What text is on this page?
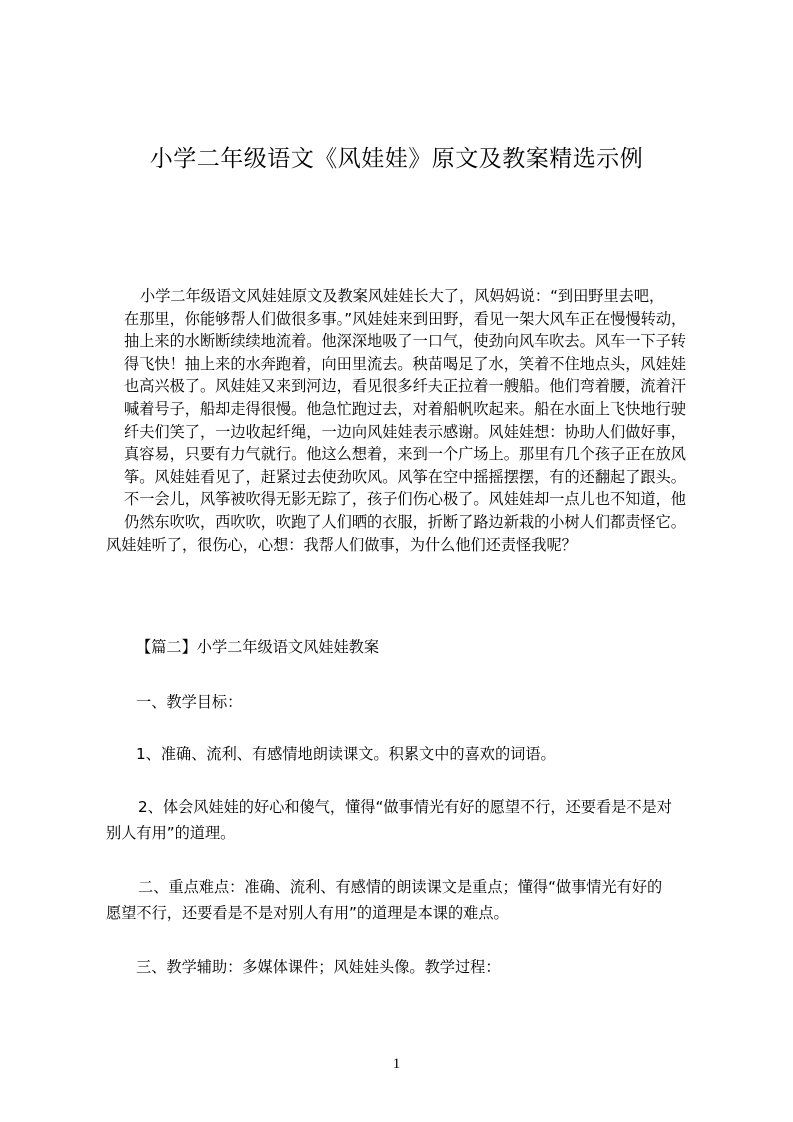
小学二年级语文《风娃娃》原文及教案精选示例
小学二年级语文风娃娃原文及教案风娃娃长大了，风妈妈说：“到田野里去吧，
在那里，你能够帮人们做很多事。”风娃娃来到田野，看见一架大风车正在慢慢转动，
抽上来的水断断续续地流着。他深深地吸了一口气，使劲向风车吹去。风车一下子转
得飞快！抽上来的水奔跑着，向田里流去。秧苗喝足了水，笑着不住地点头，风娃娃
也高兴极了。风娃娃又来到河边，看见很多纤夫正拉着一艘船。他们弯着腰，流着汗
喊着号子，船却走得很慢。他急忙跑过去，对着船帆吹起来。船在水面上飞快地行驶
纤夫们笑了，一边收起纤绳，一边向风娃娃表示感谢。风娃娃想：协助人们做好事，
真容易，只要有力气就行。他这么想着，来到一个广场上。那里有几个孩子正在放风
筝。风娃娃看见了，赶紧过去使劲吹风。风筝在空中摇摇摆摆，有的还翻起了跟头。
不一会儿，风筝被吹得无影无踪了，孩子们伤心极了。风娃娃却一点儿也不知道，他
仍然东吹吹，西吹吹，吹跑了人们晒的衣服，折断了路边新栽的小树人们都责怪它。
风娃娃听了，很伤心，心想：我帮人们做事，为什么他们还责怪我呢？
【篇二】小学二年级语文风娃娃教案
一、教学目标：
1、准确、流利、有感情地朗读课文。积累文中的喜欢的词语。
2、体会风娃娃的好心和傻气，懂得“做事情光有好的愿望不行，还要看是不是对
别人有用”的道理。
二、重点难点：准确、流利、有感情的朗读课文是重点；懂得“做事情光有好的
愿望不行，还要看是不是对别人有用”的道理是本课的难点。
三、教学辅助：多媒体课件；风娃娃头像。教学过程：
1
